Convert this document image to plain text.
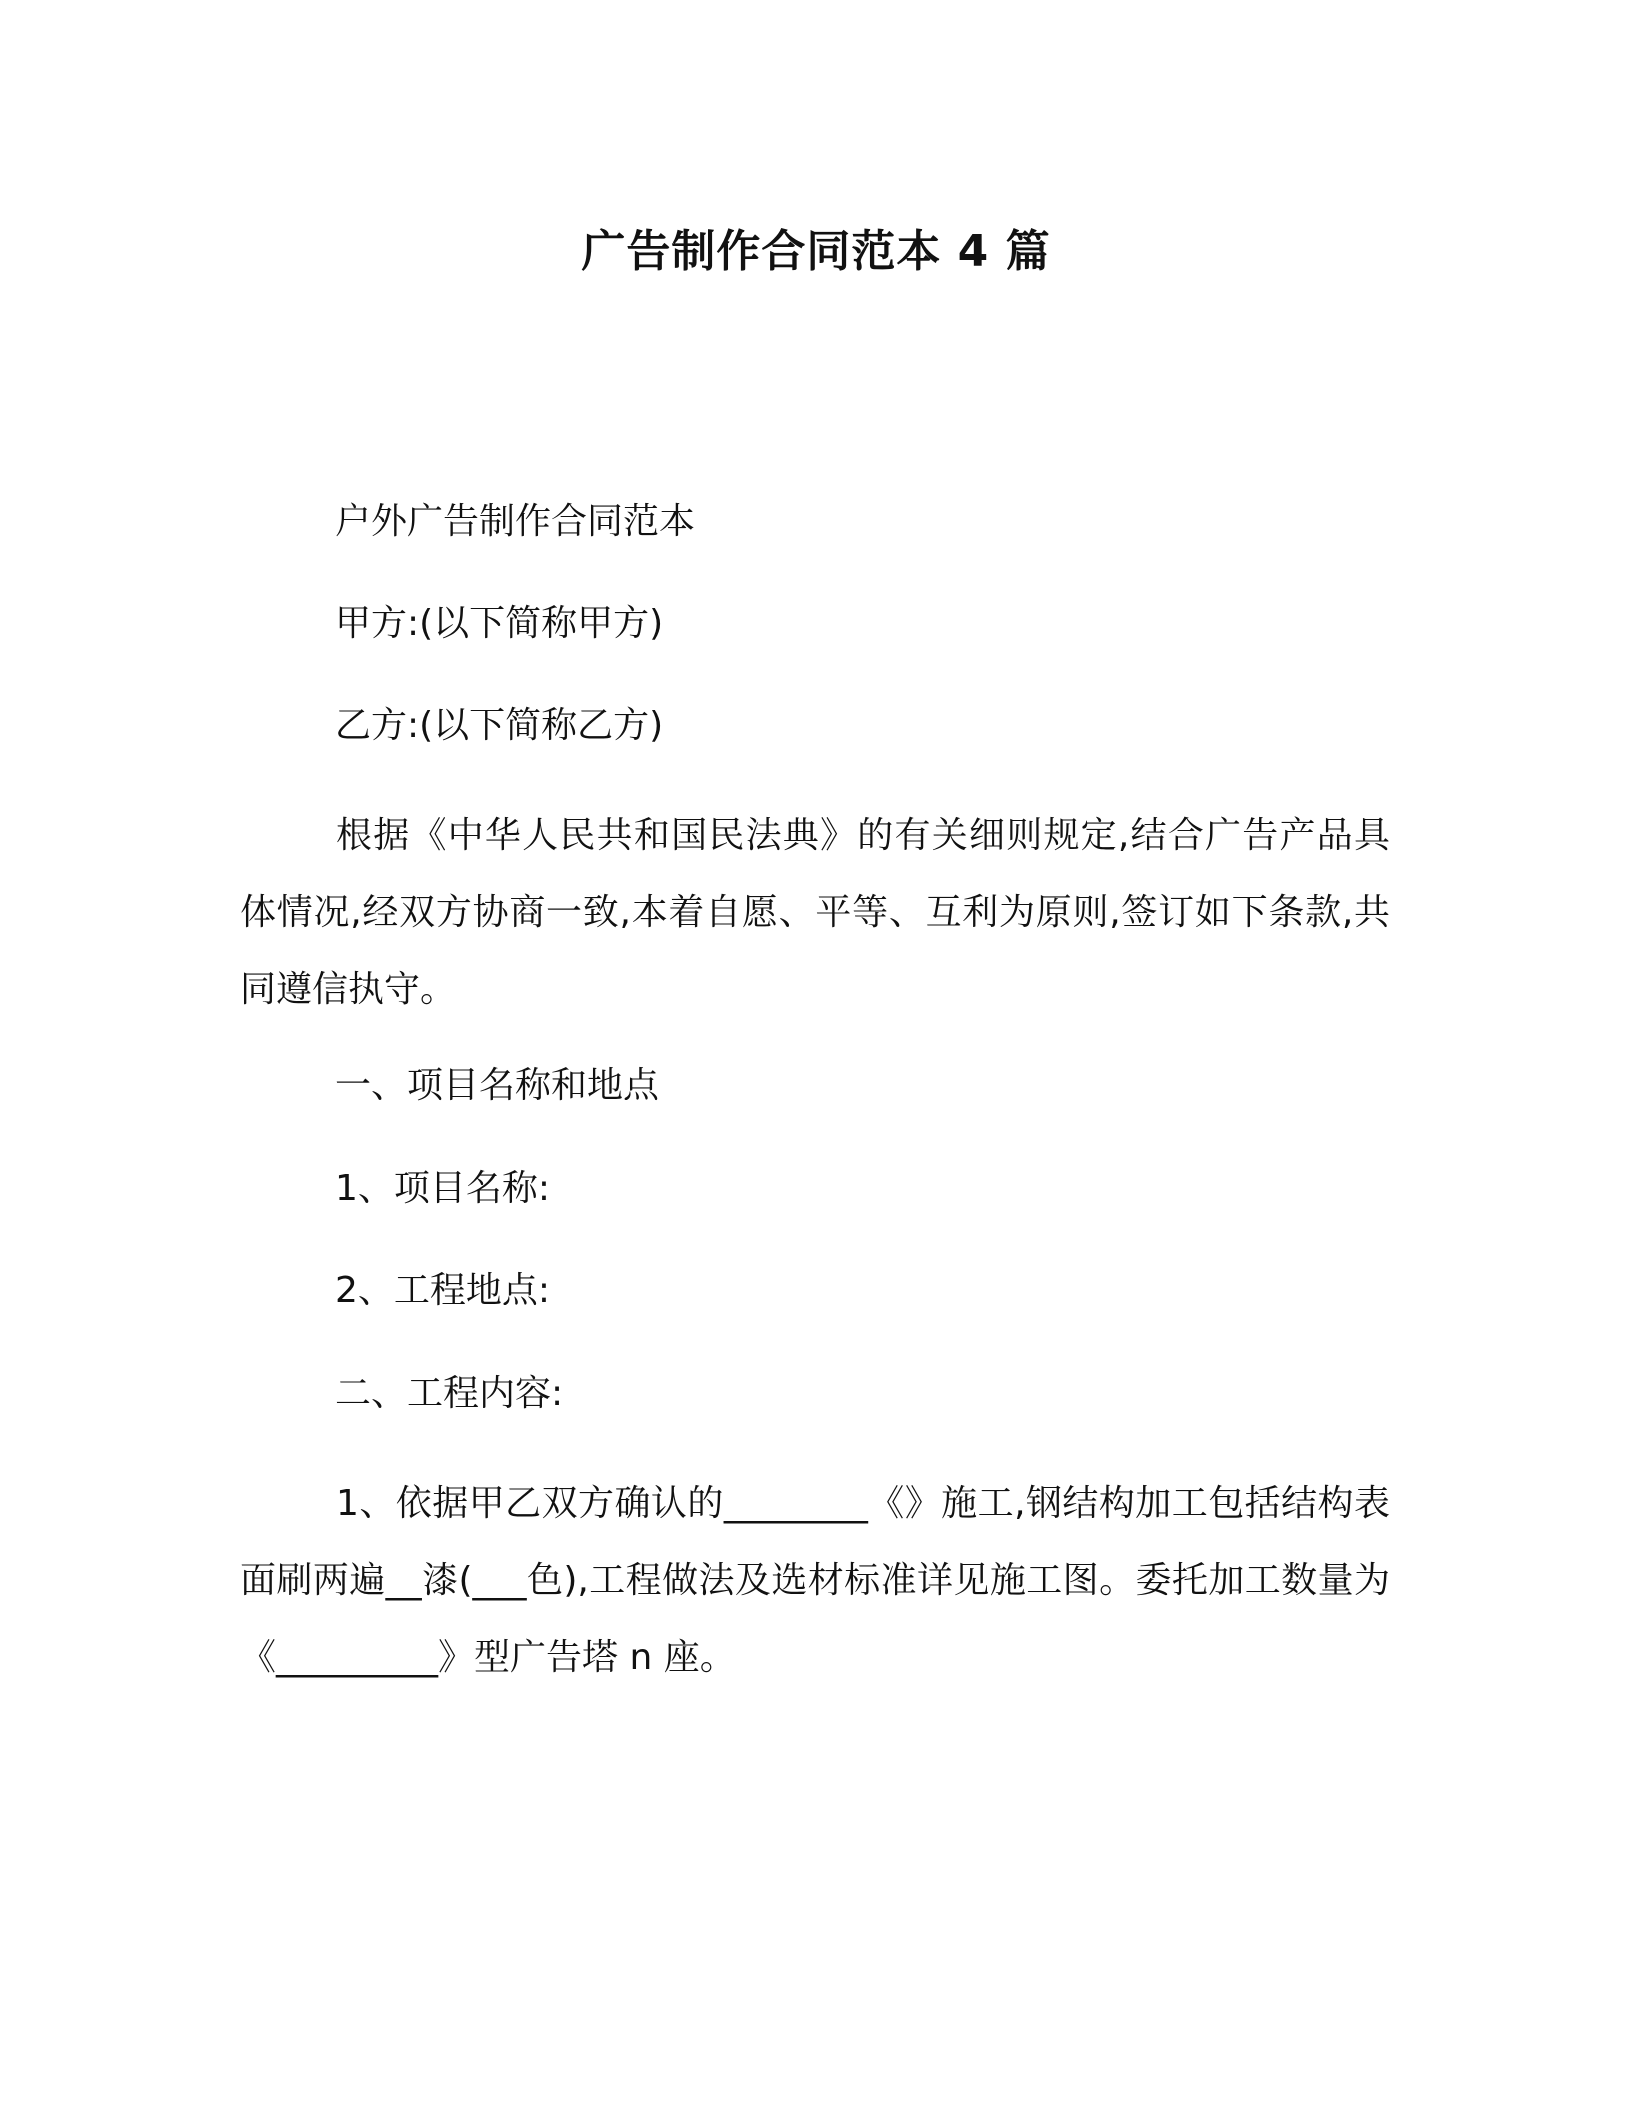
广告制作合同范本 4 篇
户外广告制作合同范本
甲方:(以下简称甲方)
乙方:(以下简称乙方)
根据《中华人民共和国民法典》的有关细则规定,结合广告产品具体情况,经双方协商一致,本着自愿、平等、互利为原则,签订如下条款,共同遵信执守。
一、项目名称和地点
1、项目名称:
2、工程地点:
二、工程内容:
1、依据甲乙双方确认的________《》施工,钢结构加工包括结构表面刷两遍__漆(___色),工程做法及选材标准详见施工图。委托加工数量为《_________》型广告塔 n 座。
